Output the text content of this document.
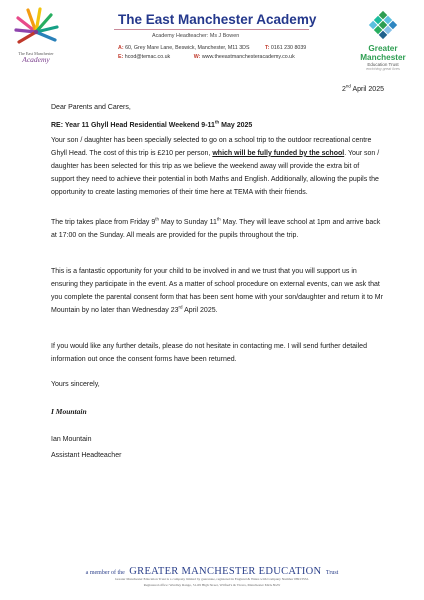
The East Manchester
Academy
The East Manchester Academy
Academy Headteacher: Ms J Bowen
A: 60, Grey Mare Lane, Beswick, Manchester, M11 3DS	T: 0161 230 8039
E: hcod@temac.co.uk	W: www.theeastmanchesteracademy.co.uk
Greater
Manchester
Education Trust
enriching great lives
2nd April 2025
Dear Parents and Carers,
RE: Year 11 Ghyll Head Residential Weekend 9-11th May 2025
Your son / daughter has been specially selected to go on a school trip to the outdoor recreational centre Ghyll Head. The cost of this trip is £210 per person, which will be fully funded by the school. Your son / daughter has been selected for this trip as we believe the weekend away will provide the extra bit of support they need to achieve their potential in both Maths and English. Additionally, allowing the pupils the opportunity to create lasting memories of their time here at TEMA with their friends.
The trip takes place from Friday 9th May to Sunday 11th May. They will leave school at 1pm and arrive back at 17:00 on the Sunday. All meals are provided for the pupils throughout the trip.
This is a fantastic opportunity for your child to be involved in and we trust that you will support us in ensuring they participate in the event. As a matter of school procedure on external events, can we ask that you complete the parental consent form that has been sent home with your son/daughter and return it to Mr Mountain by no later than Wednesday 23rd April 2025.
If you would like any further details, please do not hesitate in contacting me. I will send further detailed information out once the consent forms have been returned.
Yours sincerely,
I Mountain
Ian Mountain
Assistant Headteacher
a member of the GREATER MANCHESTER EDUCATION Trust
Greater Manchester Education Trust is a company limited by guarantee, registered in England & Wales with Company Number 08913552.
Registered office: Wardley Range, 51-69 High Street, Wilfred's & Vicara, Manchester M2A 8GW
